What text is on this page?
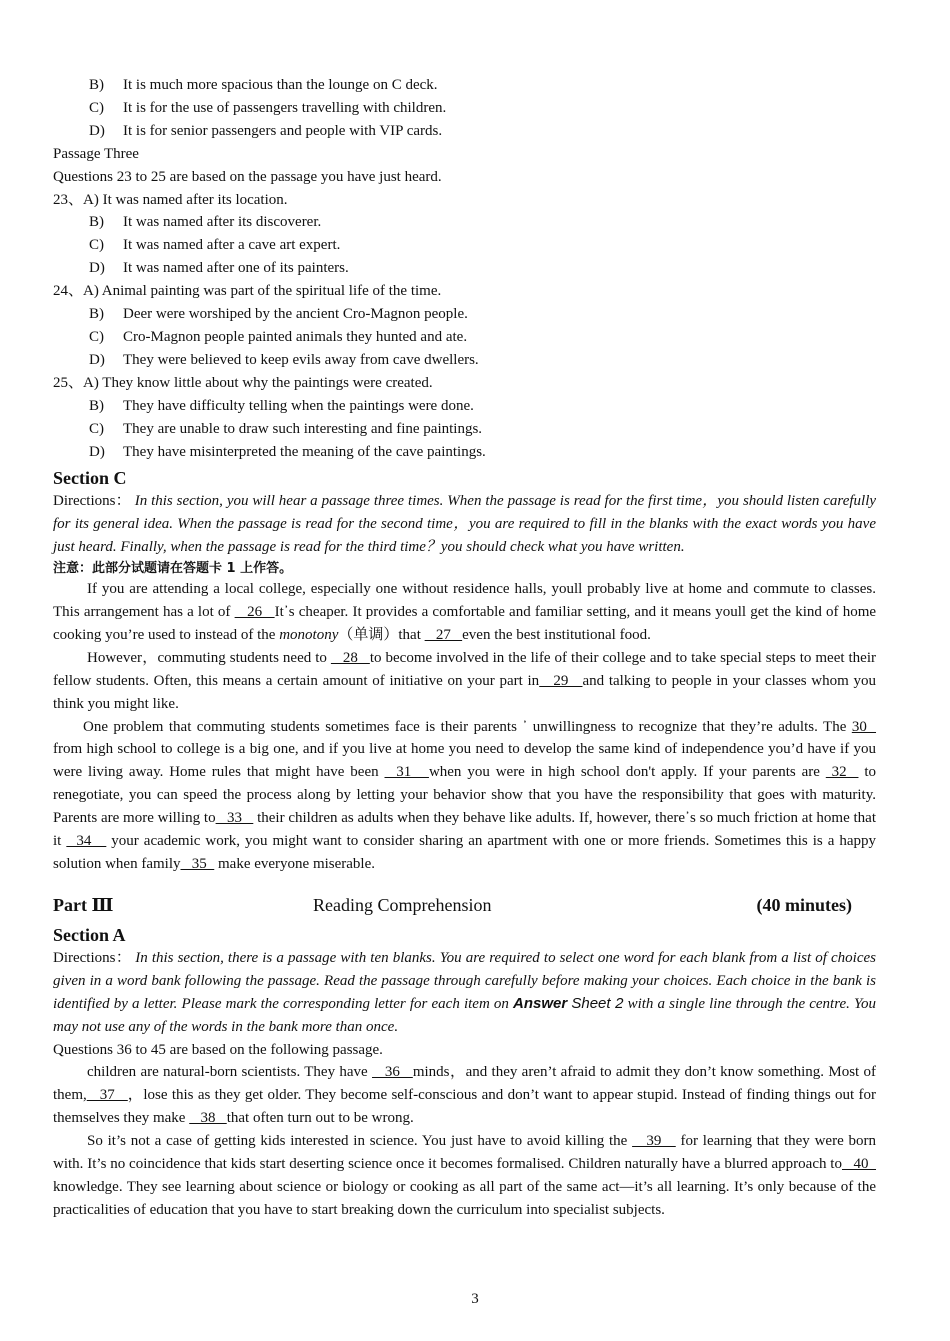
B) It is much more spacious than the lounge on C deck.
C) It is for the use of passengers travelling with children.
D) It is for senior passengers and people with VIP cards.
Passage Three
Questions 23 to 25 are based on the passage you have just heard.
23、A) It was named after its location.
B) It was named after its discoverer.
C) It was named after a cave art expert.
D) It was named after one of its painters.
24、A) Animal painting was part of the spiritual life of the time.
B) Deer were worshiped by the ancient Cro-Magnon people.
C) Cro-Magnon people painted animals they hunted and ate.
D) They were believed to keep evils away from cave dwellers.
25、A) They know little about why the paintings were created.
B) They have difficulty telling when the paintings were done.
C) They are unable to draw such interesting and fine paintings.
D) They have misinterpreted the meaning of the cave paintings.
Section C
Directions： In this section, you will hear a passage three times. When the passage is read for the first time，you should listen carefully for its general idea. When the passage is read for the second time，you are required to fill in the blanks with the exact words you have just heard. Finally, when the passage is read for the third time？you should check what you have written.
注意：此部分试题请在答题卡 1 上作答。
If you are attending a local college, especially one without residence halls, youll probably live at home and commute to classes. This arrangement has a lot of    26   It᾿s cheaper. It provides a comfortable and familiar setting, and it means youll get the kind of home cooking you’re used to instead of the monotony（单调）that    27   even the best institutional food.
However，commuting students need to    28   to become involved in the life of their college and to take special steps to meet their fellow students. Often, this means a certain amount of initiative on your part in   29   and talking to people in your classes whom you think you might like.
One problem that commuting students sometimes face is their parents ᾿ unwillingness to recognize that they’re adults. The 30   from high school to college is a big one, and if you live at home you need to develop the same kind of independence you’d have if you were living away. Home rules that might have been   31   when you were in high school don't apply. If your parents are  32   to renegotiate, you can speed the process along by letting your behavior show that you have the responsibility that goes with maturity. Parents are more willing to   33    their children as adults when they behave like adults. If, however, there᾿s so much friction at home that it   34    your academic work, you might want to consider sharing an apartment with one or more friends. Sometimes this is a happy solution when family   35   make everyone miserable.
Part Ⅲ	Reading Comprehension	(40 minutes)
Section A
Directions： In this section, there is a passage with ten blanks. You are required to select one word for each blank from a list of choices given in a word bank following the passage. Read the passage through carefully before making your choices. Each choice in the bank is identified by a letter. Please mark the corresponding letter for each item on Answer Sheet 2 with a single line through the centre. You may not use any of the words in the bank more than once.
Questions 36 to 45 are based on the following passage.
children are natural-born scientists. They have    36   minds，and they aren’t afraid to admit they don’t know something. Most of them,   37   ，lose this as they get older. They become self-conscious and don’t want to appear stupid. Instead of finding things out for themselves they make    38   that often turn out to be wrong.
So it’s not a case of getting kids interested in science. You just have to avoid killing the    39    for learning that they were born with. It’s no coincidence that kids start deserting science once it becomes formalised. Children naturally have a blurred approach to   40   knowledge. They see learning about science or biology or cooking as all part of the same act—it’s all learning. It’s only because of the practicalities of education that you have to start breaking down the curriculum into specialist subjects.
3
